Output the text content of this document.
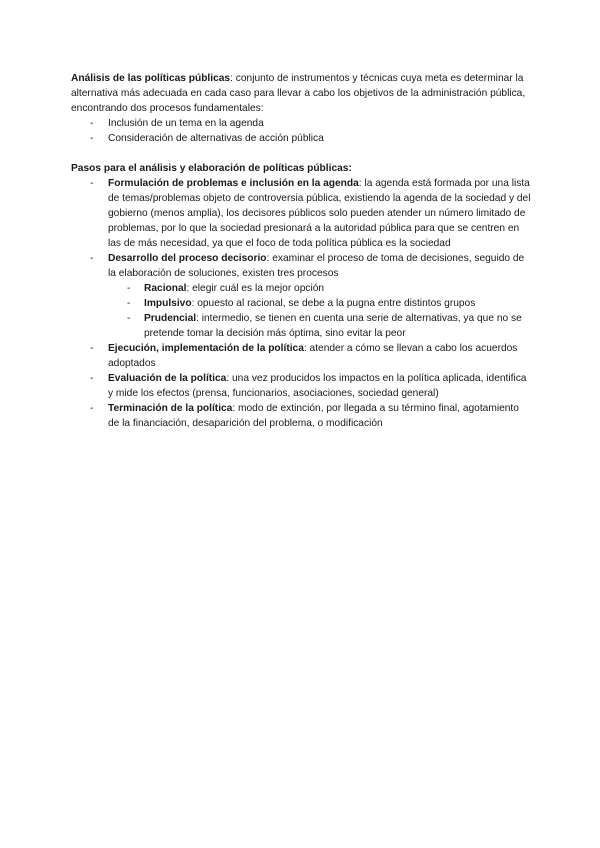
Análisis de las políticas públicas: conjunto de instrumentos y técnicas cuya meta es determinar la alternativa más adecuada en cada caso para llevar a cabo los objetivos de la administración pública, encontrando dos procesos fundamentales:

- Inclusión de un tema en la agenda
- Consideración de alternativas de acción pública

Pasos para el análisis y elaboración de políticas públicas:

- Formulación de problemas e inclusión en la agenda: la agenda está formada por una lista de temas/problemas objeto de controversia pública, existiendo la agenda de la sociedad y del gobierno (menos amplia), los decisores públicos solo pueden atender un número limitado de problemas, por lo que la sociedad presionará a la autoridad pública para que se centren en las de más necesidad, ya que el foco de toda política pública es la sociedad
- Desarrollo del proceso decisorio: examinar el proceso de toma de decisiones, seguido de la elaboración de soluciones, existen tres procesos
- Racional: elegir cuál es la mejor opción
- Impulsivo: opuesto al racional, se debe a la pugna entre distintos grupos
- Prudencial: intermedio, se tienen en cuenta una serie de alternativas, ya que no se pretende tomar la decisión más óptima, sino evitar la peor
- Ejecución, implementación de la política: atender a cómo se llevan a cabo los acuerdos adoptados
- Evaluación de la política: una vez producidos los impactos en la política aplicada, identifica y mide los efectos (prensa, funcionarios, asociaciones, sociedad general)
- Terminación de la política: modo de extinción, por llegada a su término final, agotamiento de la financiación, desaparición del problema, o modificación
